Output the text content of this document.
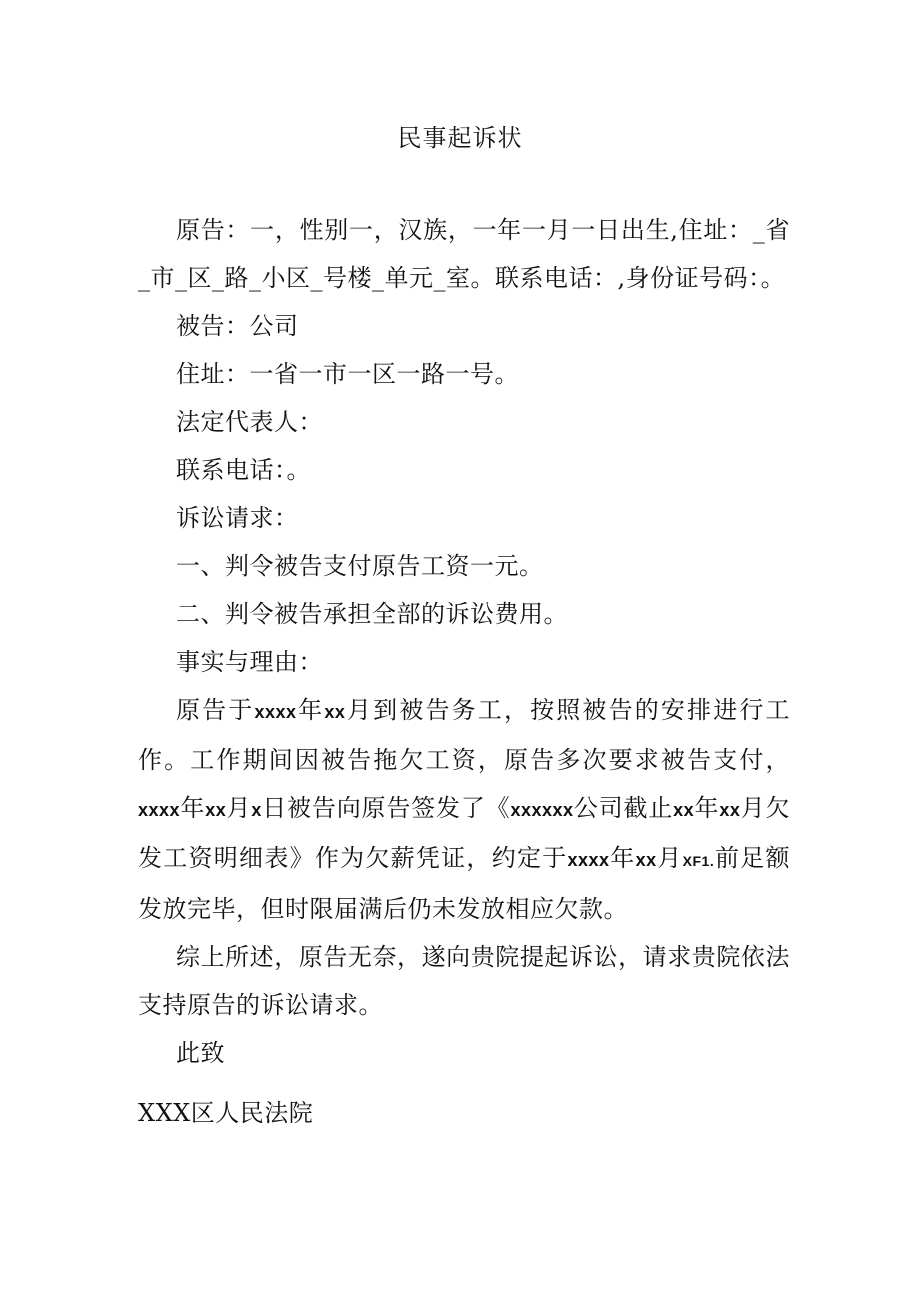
民事起诉状

原告：一，性别一，汉族，一年一月一日出生,住址：_省_市_区_路_小区_号楼_单元_室。联系电话：,身份证号码：。

被告：公司

住址：一省一市一区一路一号。

法定代表人：

联系电话：。

诉讼请求：

一、判令被告支付原告工资一元。

二、判令被告承担全部的诉讼费用。

事实与理由：

原告于xxxx年xx月到被告务工，按照被告的安排进行工作。工作期间因被告拖欠工资，原告多次要求被告支付，xxxx年xx月x日被告向原告签发了《xxxxxx公司截止xx年xx月欠发工资明细表》作为欠薪凭证，约定于xxxx年xx月XF1.前足额发放完毕，但时限届满后仍未发放相应欠款。

综上所述，原告无奈，遂向贵院提起诉讼，请求贵院依法支持原告的诉讼请求。

此致

XXX区人民法院
